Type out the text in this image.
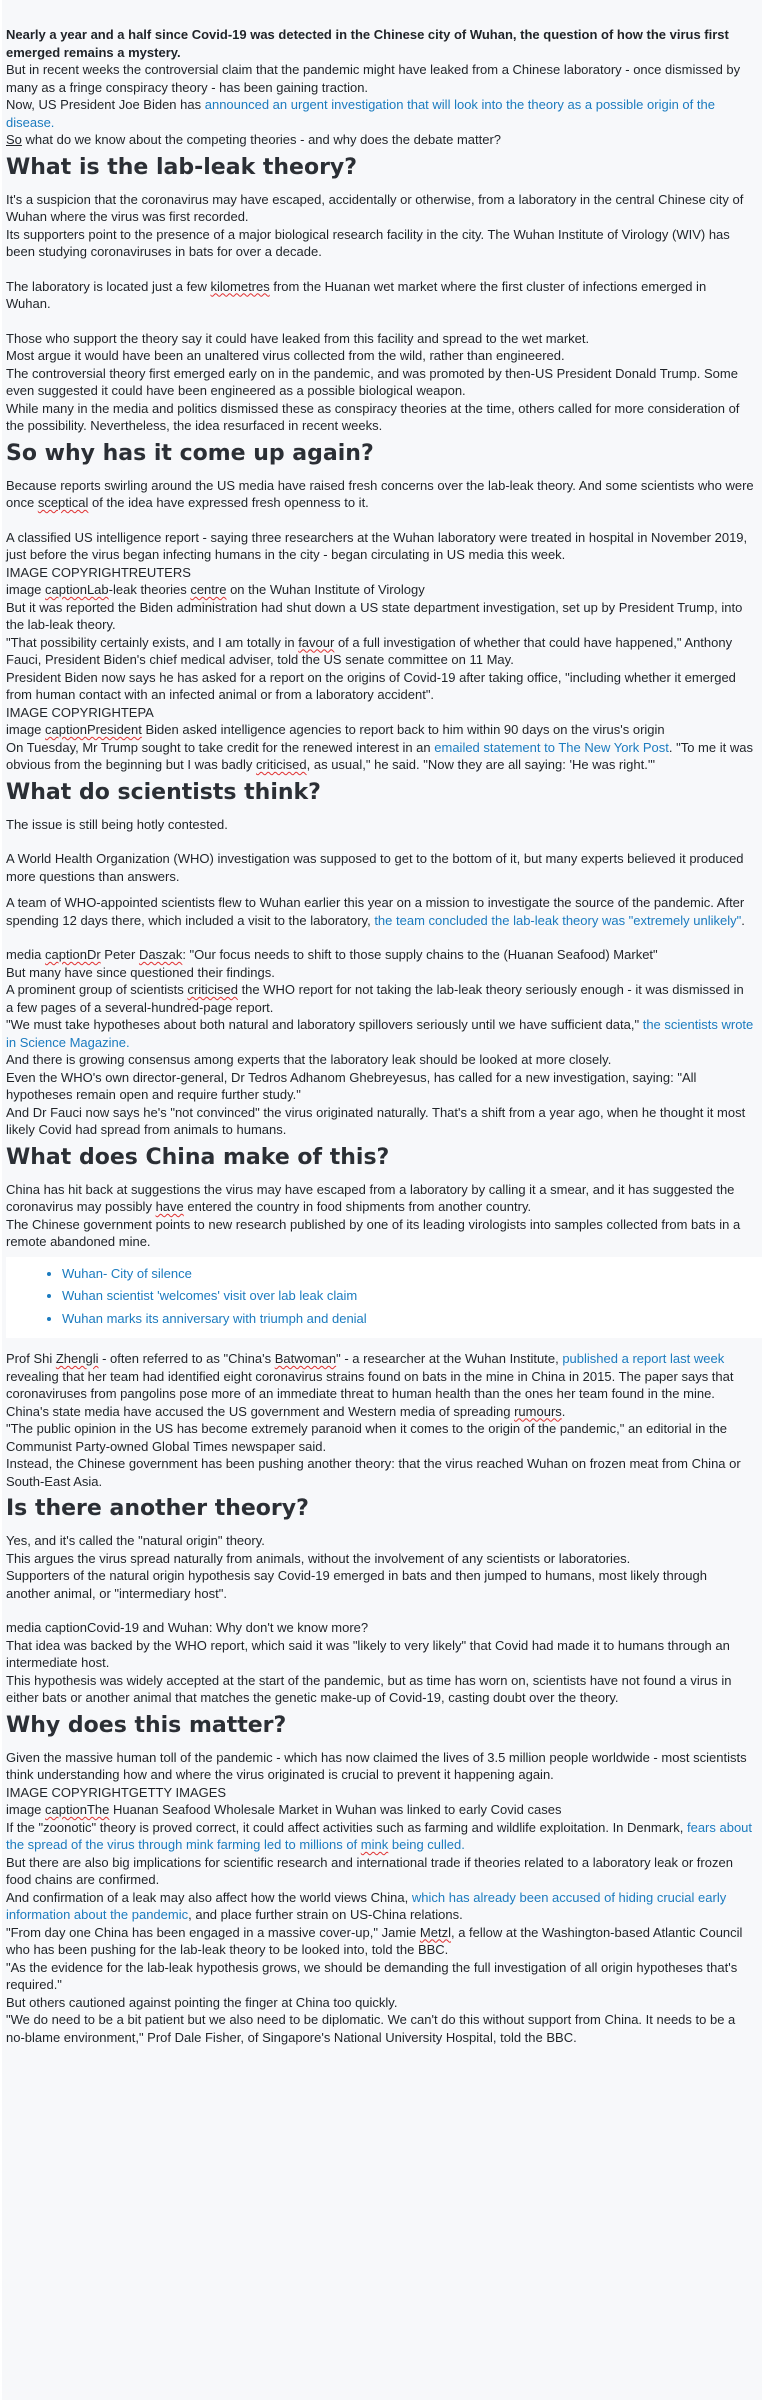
Nearly a year and a half since Covid-19 was detected in the Chinese city of Wuhan, the question of how the virus first emerged remains a mystery.

But in recent weeks the controversial claim that the pandemic might have leaked from a Chinese laboratory - once dismissed by many as a fringe conspiracy theory - has been gaining traction.

Now, US President Joe Biden has announced an urgent investigation that will look into the theory as a possible origin of the disease.

So what do we know about the competing theories - and why does the debate matter?

What is the lab-leak theory?

It's a suspicion that the coronavirus may have escaped, accidentally or otherwise, from a laboratory in the central Chinese city of Wuhan where the virus was first recorded.

Its supporters point to the presence of a major biological research facility in the city. The Wuhan Institute of Virology (WIV) has been studying coronaviruses in bats for over a decade.

The laboratory is located just a few kilometres from the Huanan wet market where the first cluster of infections emerged in Wuhan.

Those who support the theory say it could have leaked from this facility and spread to the wet market.

Most argue it would have been an unaltered virus collected from the wild, rather than engineered.

The controversial theory first emerged early on in the pandemic, and was promoted by then-US President Donald Trump. Some even suggested it could have been engineered as a possible biological weapon.

While many in the media and politics dismissed these as conspiracy theories at the time, others called for more consideration of the possibility. Nevertheless, the idea resurfaced in recent weeks.

So why has it come up again?

Because reports swirling around the US media have raised fresh concerns over the lab-leak theory. And some scientists who were once sceptical of the idea have expressed fresh openness to it.

A classified US intelligence report - saying three researchers at the Wuhan laboratory were treated in hospital in November 2019, just before the virus began infecting humans in the city - began circulating in US media this week.

IMAGE COPYRIGHTREUTERS

image captionLab-leak theories centre on the Wuhan Institute of Virology

But it was reported the Biden administration had shut down a US state department investigation, set up by President Trump, into the lab-leak theory.

"That possibility certainly exists, and I am totally in favour of a full investigation of whether that could have happened," Anthony Fauci, President Biden's chief medical adviser, told the US senate committee on 11 May.

President Biden now says he has asked for a report on the origins of Covid-19 after taking office, "including whether it emerged from human contact with an infected animal or from a laboratory accident".

IMAGE COPYRIGHTEPA

image captionPresident Biden asked intelligence agencies to report back to him within 90 days on the virus's origin

On Tuesday, Mr Trump sought to take credit for the renewed interest in an emailed statement to The New York Post. "To me it was obvious from the beginning but I was badly criticised, as usual," he said. "Now they are all saying: 'He was right.'"

What do scientists think?

The issue is still being hotly contested.

A World Health Organization (WHO) investigation was supposed to get to the bottom of it, but many experts believed it produced more questions than answers.

A team of WHO-appointed scientists flew to Wuhan earlier this year on a mission to investigate the source of the pandemic. After spending 12 days there, which included a visit to the laboratory, the team concluded the lab-leak theory was "extremely unlikely".

media captionDr Peter Daszak: "Our focus needs to shift to those supply chains to the (Huanan Seafood) Market"

But many have since questioned their findings.

A prominent group of scientists criticised the WHO report for not taking the lab-leak theory seriously enough - it was dismissed in a few pages of a several-hundred-page report.

"We must take hypotheses about both natural and laboratory spillovers seriously until we have sufficient data," the scientists wrote in Science Magazine.

And there is growing consensus among experts that the laboratory leak should be looked at more closely.

Even the WHO's own director-general, Dr Tedros Adhanom Ghebreyesus, has called for a new investigation, saying: "All hypotheses remain open and require further study."

And Dr Fauci now says he's "not convinced" the virus originated naturally. That's a shift from a year ago, when he thought it most likely Covid had spread from animals to humans.

What does China make of this?

China has hit back at suggestions the virus may have escaped from a laboratory by calling it a smear, and it has suggested the coronavirus may possibly have entered the country in food shipments from another country.

The Chinese government points to new research published by one of its leading virologists into samples collected from bats in a remote abandoned mine.

• Wuhan- City of silence
• Wuhan scientist 'welcomes' visit over lab leak claim
• Wuhan marks its anniversary with triumph and denial

Prof Shi Zhengli - often referred to as "China's Batwoman" - a researcher at the Wuhan Institute, published a report last week revealing that her team had identified eight coronavirus strains found on bats in the mine in China in 2015. The paper says that coronaviruses from pangolins pose more of an immediate threat to human health than the ones her team found in the mine.

China's state media have accused the US government and Western media of spreading rumours.

"The public opinion in the US has become extremely paranoid when it comes to the origin of the pandemic," an editorial in the Communist Party-owned Global Times newspaper said.

Instead, the Chinese government has been pushing another theory: that the virus reached Wuhan on frozen meat from China or South-East Asia.

Is there another theory?

Yes, and it's called the "natural origin" theory.

This argues the virus spread naturally from animals, without the involvement of any scientists or laboratories.

Supporters of the natural origin hypothesis say Covid-19 emerged in bats and then jumped to humans, most likely through another animal, or "intermediary host".

media captionCovid-19 and Wuhan: Why don't we know more?

That idea was backed by the WHO report, which said it was "likely to very likely" that Covid had made it to humans through an intermediate host.

This hypothesis was widely accepted at the start of the pandemic, but as time has worn on, scientists have not found a virus in either bats or another animal that matches the genetic make-up of Covid-19, casting doubt over the theory.

Why does this matter?

Given the massive human toll of the pandemic - which has now claimed the lives of 3.5 million people worldwide - most scientists think understanding how and where the virus originated is crucial to prevent it happening again.

IMAGE COPYRIGHTGETTY IMAGES

image captionThe Huanan Seafood Wholesale Market in Wuhan was linked to early Covid cases

If the "zoonotic" theory is proved correct, it could affect activities such as farming and wildlife exploitation. In Denmark, fears about the spread of the virus through mink farming led to millions of mink being culled.

But there are also big implications for scientific research and international trade if theories related to a laboratory leak or frozen food chains are confirmed.

And confirmation of a leak may also affect how the world views China, which has already been accused of hiding crucial early information about the pandemic, and place further strain on US-China relations.

"From day one China has been engaged in a massive cover-up," Jamie Metzl, a fellow at the Washington-based Atlantic Council who has been pushing for the lab-leak theory to be looked into, told the BBC.

"As the evidence for the lab-leak hypothesis grows, we should be demanding the full investigation of all origin hypotheses that's required."

But others cautioned against pointing the finger at China too quickly.

"We do need to be a bit patient but we also need to be diplomatic. We can't do this without support from China. It needs to be a no-blame environment," Prof Dale Fisher, of Singapore's National University Hospital, told the BBC.
